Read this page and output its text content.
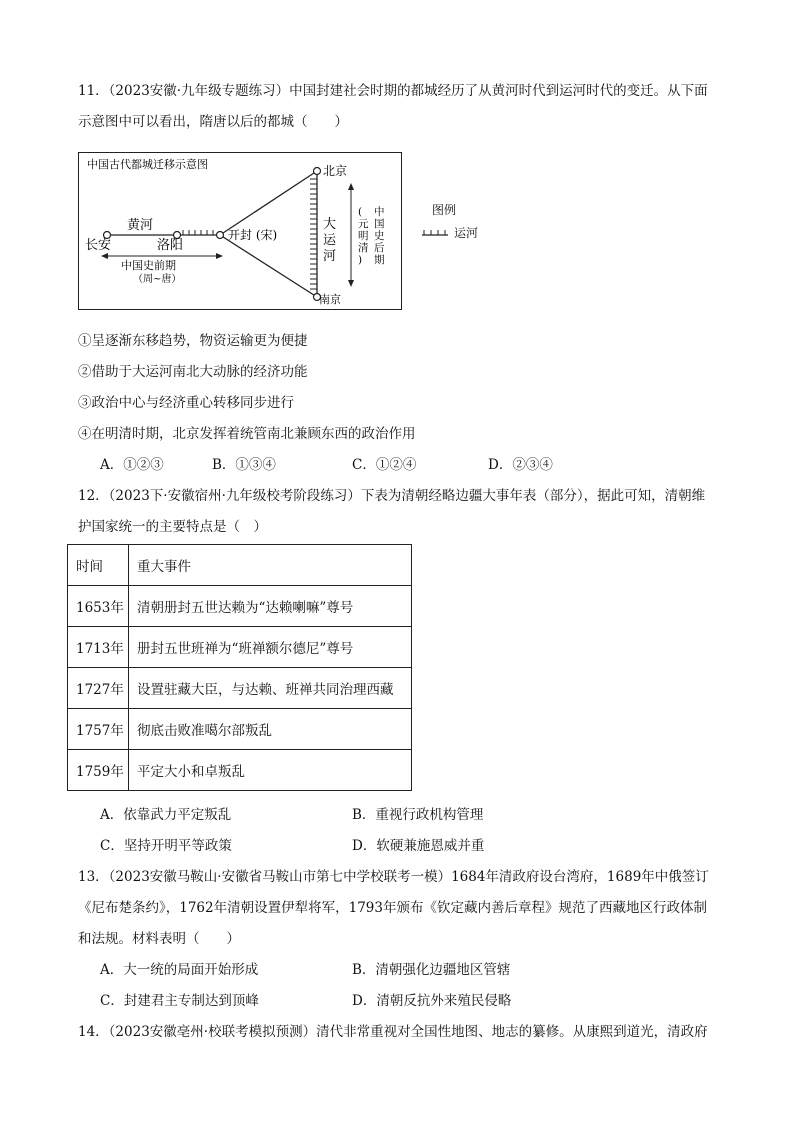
11．（2023安徽·九年级专题练习）中国封建社会时期的都城经历了从黄河时代到运河时代的变迁。从下面
示意图中可以看出，隋唐以后的都城（　　）
中国古代都城迁移示意图
黄河
长安	洛阳
开封 (宋)
北京
南京
中国史前期
（周~唐）
大
运
河
(
元
明
清
)
中
国
史
后
期
图例
运河
①呈逐渐东移趋势，物资运输更为便捷
②借助于大运河南北大动脉的经济功能
③政治中心与经济重心转移同步进行
④在明清时期，北京发挥着统管南北兼顾东西的政治作用
A．①②③	B．①③④	C．①②④	D．②③④
12．（2023下·安徽宿州·九年级校考阶段练习）下表为清朝经略边疆大事年表（部分），据此可知，清朝维
护国家统一的主要特点是（　）
时间	重大事件
1653年	清朝册封五世达赖为“达赖喇嘛”尊号
1713年	册封五世班禅为“班禅额尔德尼”尊号
1727年	设置驻藏大臣，与达赖、班禅共同治理西藏
1757年	彻底击败准噶尔部叛乱
1759年	平定大小和卓叛乱
A．依靠武力平定叛乱	B．重视行政机构管理
C．坚持开明平等政策	D．软硬兼施恩威并重
13．（2023安徽马鞍山·安徽省马鞍山市第七中学校联考一模）1684年清政府设台湾府，1689年中俄签订
《尼布楚条约》，1762年清朝设置伊犁将军，1793年颁布《钦定藏内善后章程》规范了西藏地区行政体制
和法规。材料表明（　　）
A．大一统的局面开始形成	B．清朝强化边疆地区管辖
C．封建君主专制达到顶峰	D．清朝反抗外来殖民侵略
14．（2023安徽亳州·校联考模拟预测）清代非常重视对全国性地图、地志的纂修。从康熙到道光，清政府
